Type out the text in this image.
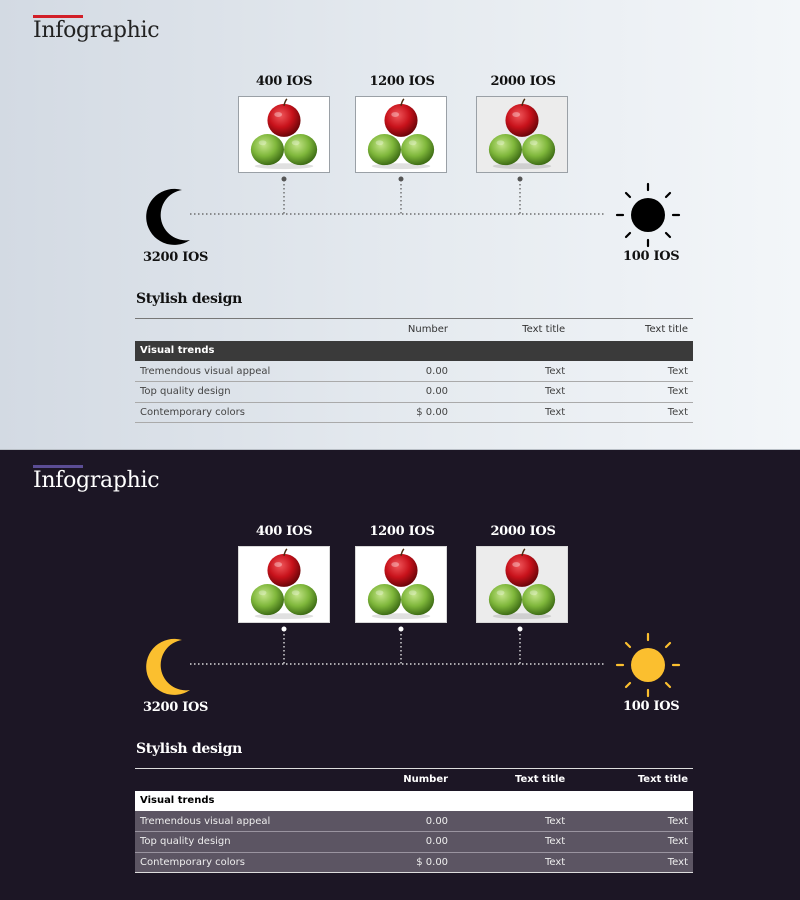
Infographic
400 IOS	1200 IOS	2000 IOS
3200 IOS	100 IOS
Stylish design
	Number	Text title	Text title
Visual trends			
Tremendous visual appeal	0.00	Text	Text
Top quality design	0.00	Text	Text
Contemporary colors	$ 0.00	Text	Text
Infographic
400 IOS	1200 IOS	2000 IOS
3200 IOS	100 IOS
Stylish design
	Number	Text title	Text title
Visual trends			
Tremendous visual appeal	0.00	Text	Text
Top quality design	0.00	Text	Text
Contemporary colors	$ 0.00	Text	Text
